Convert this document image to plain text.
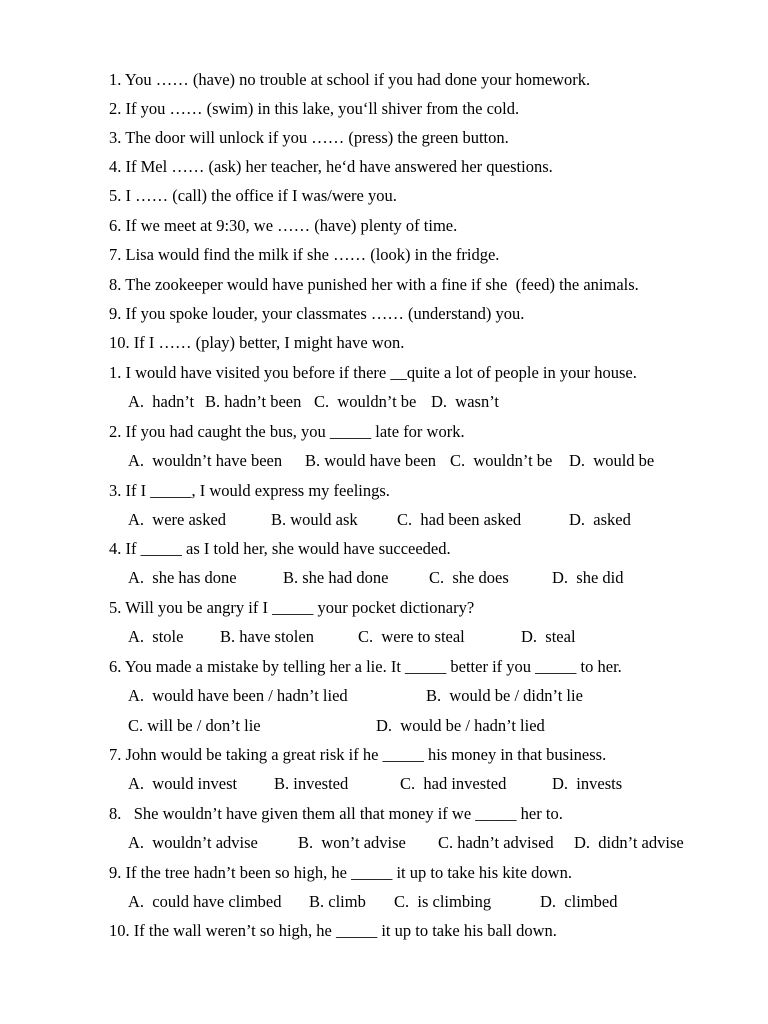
1. You …… (have) no trouble at school if you had done your homework.
2. If you …… (swim) in this lake, you‘ll shiver from the cold.
3. The door will unlock if you …… (press) the green button.
4. If Mel …… (ask) her teacher, he‘d have answered her questions.
5. I …… (call) the office if I was/were you.
6. If we meet at 9:30, we …… (have) plenty of time.
7. Lisa would find the milk if she …… (look) in the fridge.
8. The zookeeper would have punished her with a fine if she  (feed) the animals.
9. If you spoke louder, your classmates …… (understand) you.
10. If I …… (play) better, I might have won.
1. I would have visited you before if there __quite a lot of people in your house.
A.  hadn’t B. hadn’t been C.  wouldn’t be D.  wasn’t
2. If you had caught the bus, you _____ late for work.
A.  wouldn’t have been B. would have been C.  wouldn’t be D.  would be
3. If I _____, I would express my feelings.
A.  were asked	B. would ask C.  had been asked	D.  asked
4. If _____ as I told her, she would have succeeded.
A.  she has done	B. she had done C.  she does	D.  she did
5. Will you be angry if I _____ your pocket dictionary?
A.  stole B. have stolen	C.  were to steal	D.  steal
6. You made a mistake by telling her a lie. It _____ better if you _____ to her.
A.  would have been / hadn’t lied	B.  would be / didn’t lie
C. will be / don’t lie	D.  would be / hadn’t lied
7. John would be taking a great risk if he _____ his money in that business.
A.  would invest B. invested	C.  had invested	D.  invests
8.   She wouldn’t have given them all that money if we _____ her to.
A.  wouldn’t advise B.  won’t advise C. hadn’t advised D.  didn’t advise
9. If the tree hadn’t been so high, he _____ it up to take his kite down.
A.  could have climbed B. climb C.  is climbing	D.  climbed
10. If the wall weren’t so high, he _____ it up to take his ball down.
